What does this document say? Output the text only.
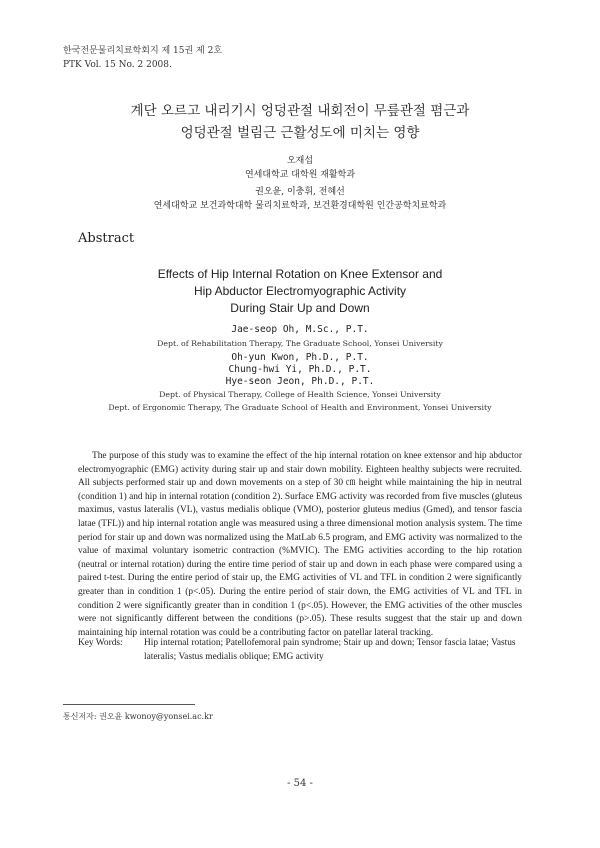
한국전문물리치료학회지 제 15권 제 2호
PTK Vol. 15 No. 2 2008.
계단 오르고 내리기시 엉덩관절 내회전이 무릎관절 폄근과
엉덩관절 벌림근 근활성도에 미치는 영향
오재섭
연세대학교 대학원 재활학과
권오윤, 이충휘, 전혜선
연세대학교 보건과학대학 물리치료학과, 보건환경대학원 인간공학치료학과
Abstract
Effects of Hip Internal Rotation on Knee Extensor and
Hip Abductor Electromyographic Activity
During Stair Up and Down
Jae-seop Oh, M.Sc., P.T.
Dept. of Rehabilitation Therapy, The Graduate School, Yonsei University
Oh-yun Kwon, Ph.D., P.T.
Chung-hwi Yi, Ph.D., P.T.
Hye-seon Jeon, Ph.D., P.T.
Dept. of Physical Therapy, College of Health Science, Yonsei University
Dept. of Ergonomic Therapy, The Graduate School of Health and Environment, Yonsei University

The purpose of this study was to examine the effect of the hip internal rotation on knee extensor and hip abductor electromyographic (EMG) activity during stair up and stair down mobility. Eighteen healthy subjects were recruited. All subjects performed stair up and down movements on a step of 30 ㎝ height while maintaining the hip in neutral (condition 1) and hip in internal rotation (condition 2). Surface EMG activity was recorded from five muscles (gluteus maximus, vastus lateralis (VL), vastus medialis oblique (VMO), posterior gluteus medius (Gmed), and tensor fascia latae (TFL)) and hip internal rotation angle was measured using a three dimensional motion analysis system. The time period for stair up and down was normalized using the MatLab 6.5 program, and EMG activity was normalized to the value of maximal voluntary isometric contraction (%MVIC). The EMG activities according to the hip rotation (neutral or internal rotation) during the entire time period of stair up and down in each phase were compared using a paired t-test. During the entire period of stair up, the EMG activities of VL and TFL in condition 2 were significantly greater than in condition 1 (p<.05). During the entire period of stair down, the EMG activities of VL and TFL in condition 2 were significantly greater than in condition 1 (p<.05). However, the EMG activities of the other muscles were not significantly different between the conditions (p>.05). These results suggest that the stair up and down maintaining hip internal rotation was could be a contributing factor on patellar lateral tracking.

Key Words: Hip internal rotation; Patellofemoral pain syndrome; Stair up and down; Tensor fascia latae; Vastus lateralis; Vastus medialis oblique; EMG activity
통신저자: 권오윤 kwonoy@yonsei.ac.kr
- 54 -
